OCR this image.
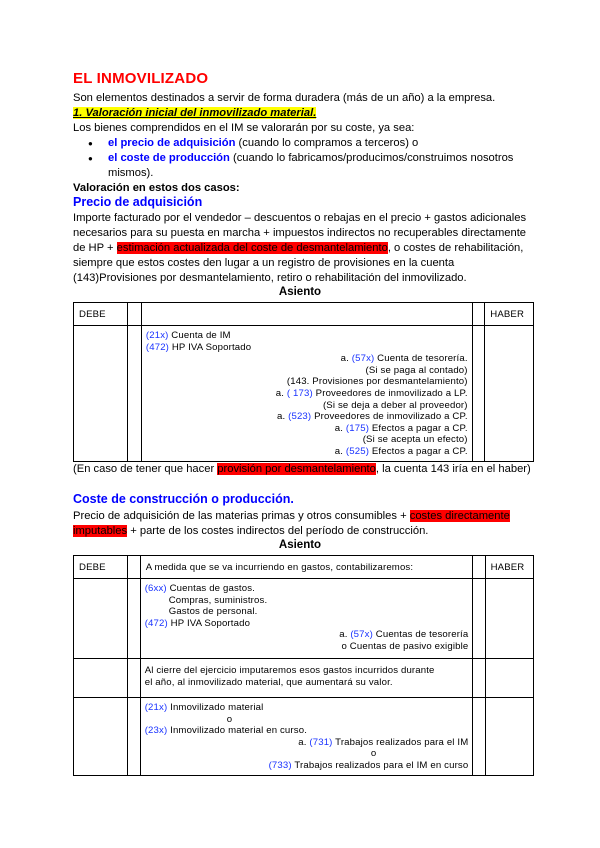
EL INMOVILIZADO
Son elementos destinados a servir de forma duradera (más de un año) a la empresa.
1. Valoración inicial del inmovilizado material.
Los bienes comprendidos en el IM se valorarán por su coste, ya sea:
● el precio de adquisición (cuando lo compramos a terceros) o
● el coste de producción (cuando lo fabricamos/producimos/construimos nosotros mismos).
Valoración en estos dos casos:
Precio de adquisición
Importe facturado por el vendedor – descuentos o rebajas en el precio + gastos adicionales
necesarios para su puesta en marcha + impuestos indirectos no recuperables directamente
de HP + estimación actualizada del coste de desmantelamiento, o costes de rehabilitación,
siempre que estos costes den lugar a un registro de provisiones en la cuenta
(143)Provisiones por desmantelamiento, retiro o rehabilitación del inmovilizado.
Asiento
DEBE				HABER

(21x) Cuenta de IM
(472) HP IVA Soportado
a. (57x) Cuenta de tesorería.
(Si se paga al contado)
(143. Provisiones por desmantelamiento)
a. ( 173) Proveedores de inmovilizado a LP.
(Si se deja a deber al proveedor)
a. (523) Proveedores de inmovilizado a CP.
a. (175) Efectos a pagar a CP.
(Si se acepta un efecto)
a. (525) Efectos a pagar a CP.

(En caso de tener que hacer provisión por desmantelamiento, la cuenta 143 iría en el haber)
Coste de construcción o producción.
Precio de adquisición de las materias primas y otros consumibles + costes directamente
imputables + parte de los costes indirectos del período de construcción.
Asiento
DEBE		A medida que se va incurriendo en gastos, contabilizaremos:		HABER

(6xx) Cuentas de gastos.
Compras, suministros.
Gastos de personal.
(472) HP IVA Soportado
a. (57x) Cuentas de tesorería
o Cuentas de pasivo exigible

		Al cierre del ejercicio imputaremos esos gastos incurridos durante
el año, al inmovilizado material, que aumentará su valor.		

(21x) Inmovilizado material
o
(23x) Inmovilizado material en curso.
a. (731) Trabajos realizados para el IM
o
(733) Trabajos realizados para el IM en curso
